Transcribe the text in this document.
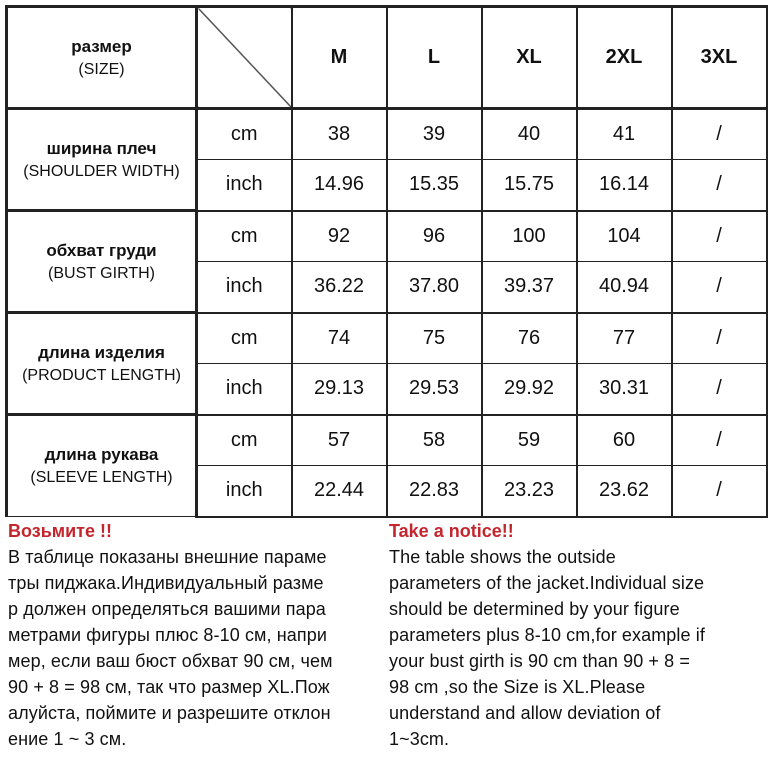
размер
(SIZE)		M	L	XL	2XL	3XL

ширина плеч
(SHOULDER WIDTH)	cm	38	39	40	41	/
	inch	14.96	15.35	15.75	16.14	/

обхват груди
(BUST GIRTH)	cm	92	96	100	104	/
	inch	36.22	37.80	39.37	40.94	/

длина изделия
(PRODUCT LENGTH)	cm	74	75	76	77	/
	inch	29.13	29.53	29.92	30.31	/

длина рукава
(SLEEVE LENGTH)	cm	57	58	59	60	/
	inch	22.44	22.83	23.23	23.62	/
Возьмите !!
В таблице показаны внешние параме
тры пиджака.Индивидуальный разме
р должен определяться вашими пара
метрами фигуры плюс 8-10 см, напри
мер, если ваш бюст обхват 90 см, чем
90 + 8 = 98 см, так что размер XL.Пож
алуйста, поймите и разрешите отклон
ение 1 ~ 3 см.
Take a notice!!
The table shows the outside
parameters of the jacket.Individual size
should be determined by your figure
parameters plus 8-10 cm,for example if
your bust girth is 90 cm than 90 + 8 =
98 cm ,so the Size is XL.Please
understand and allow deviation of
1~3cm.
